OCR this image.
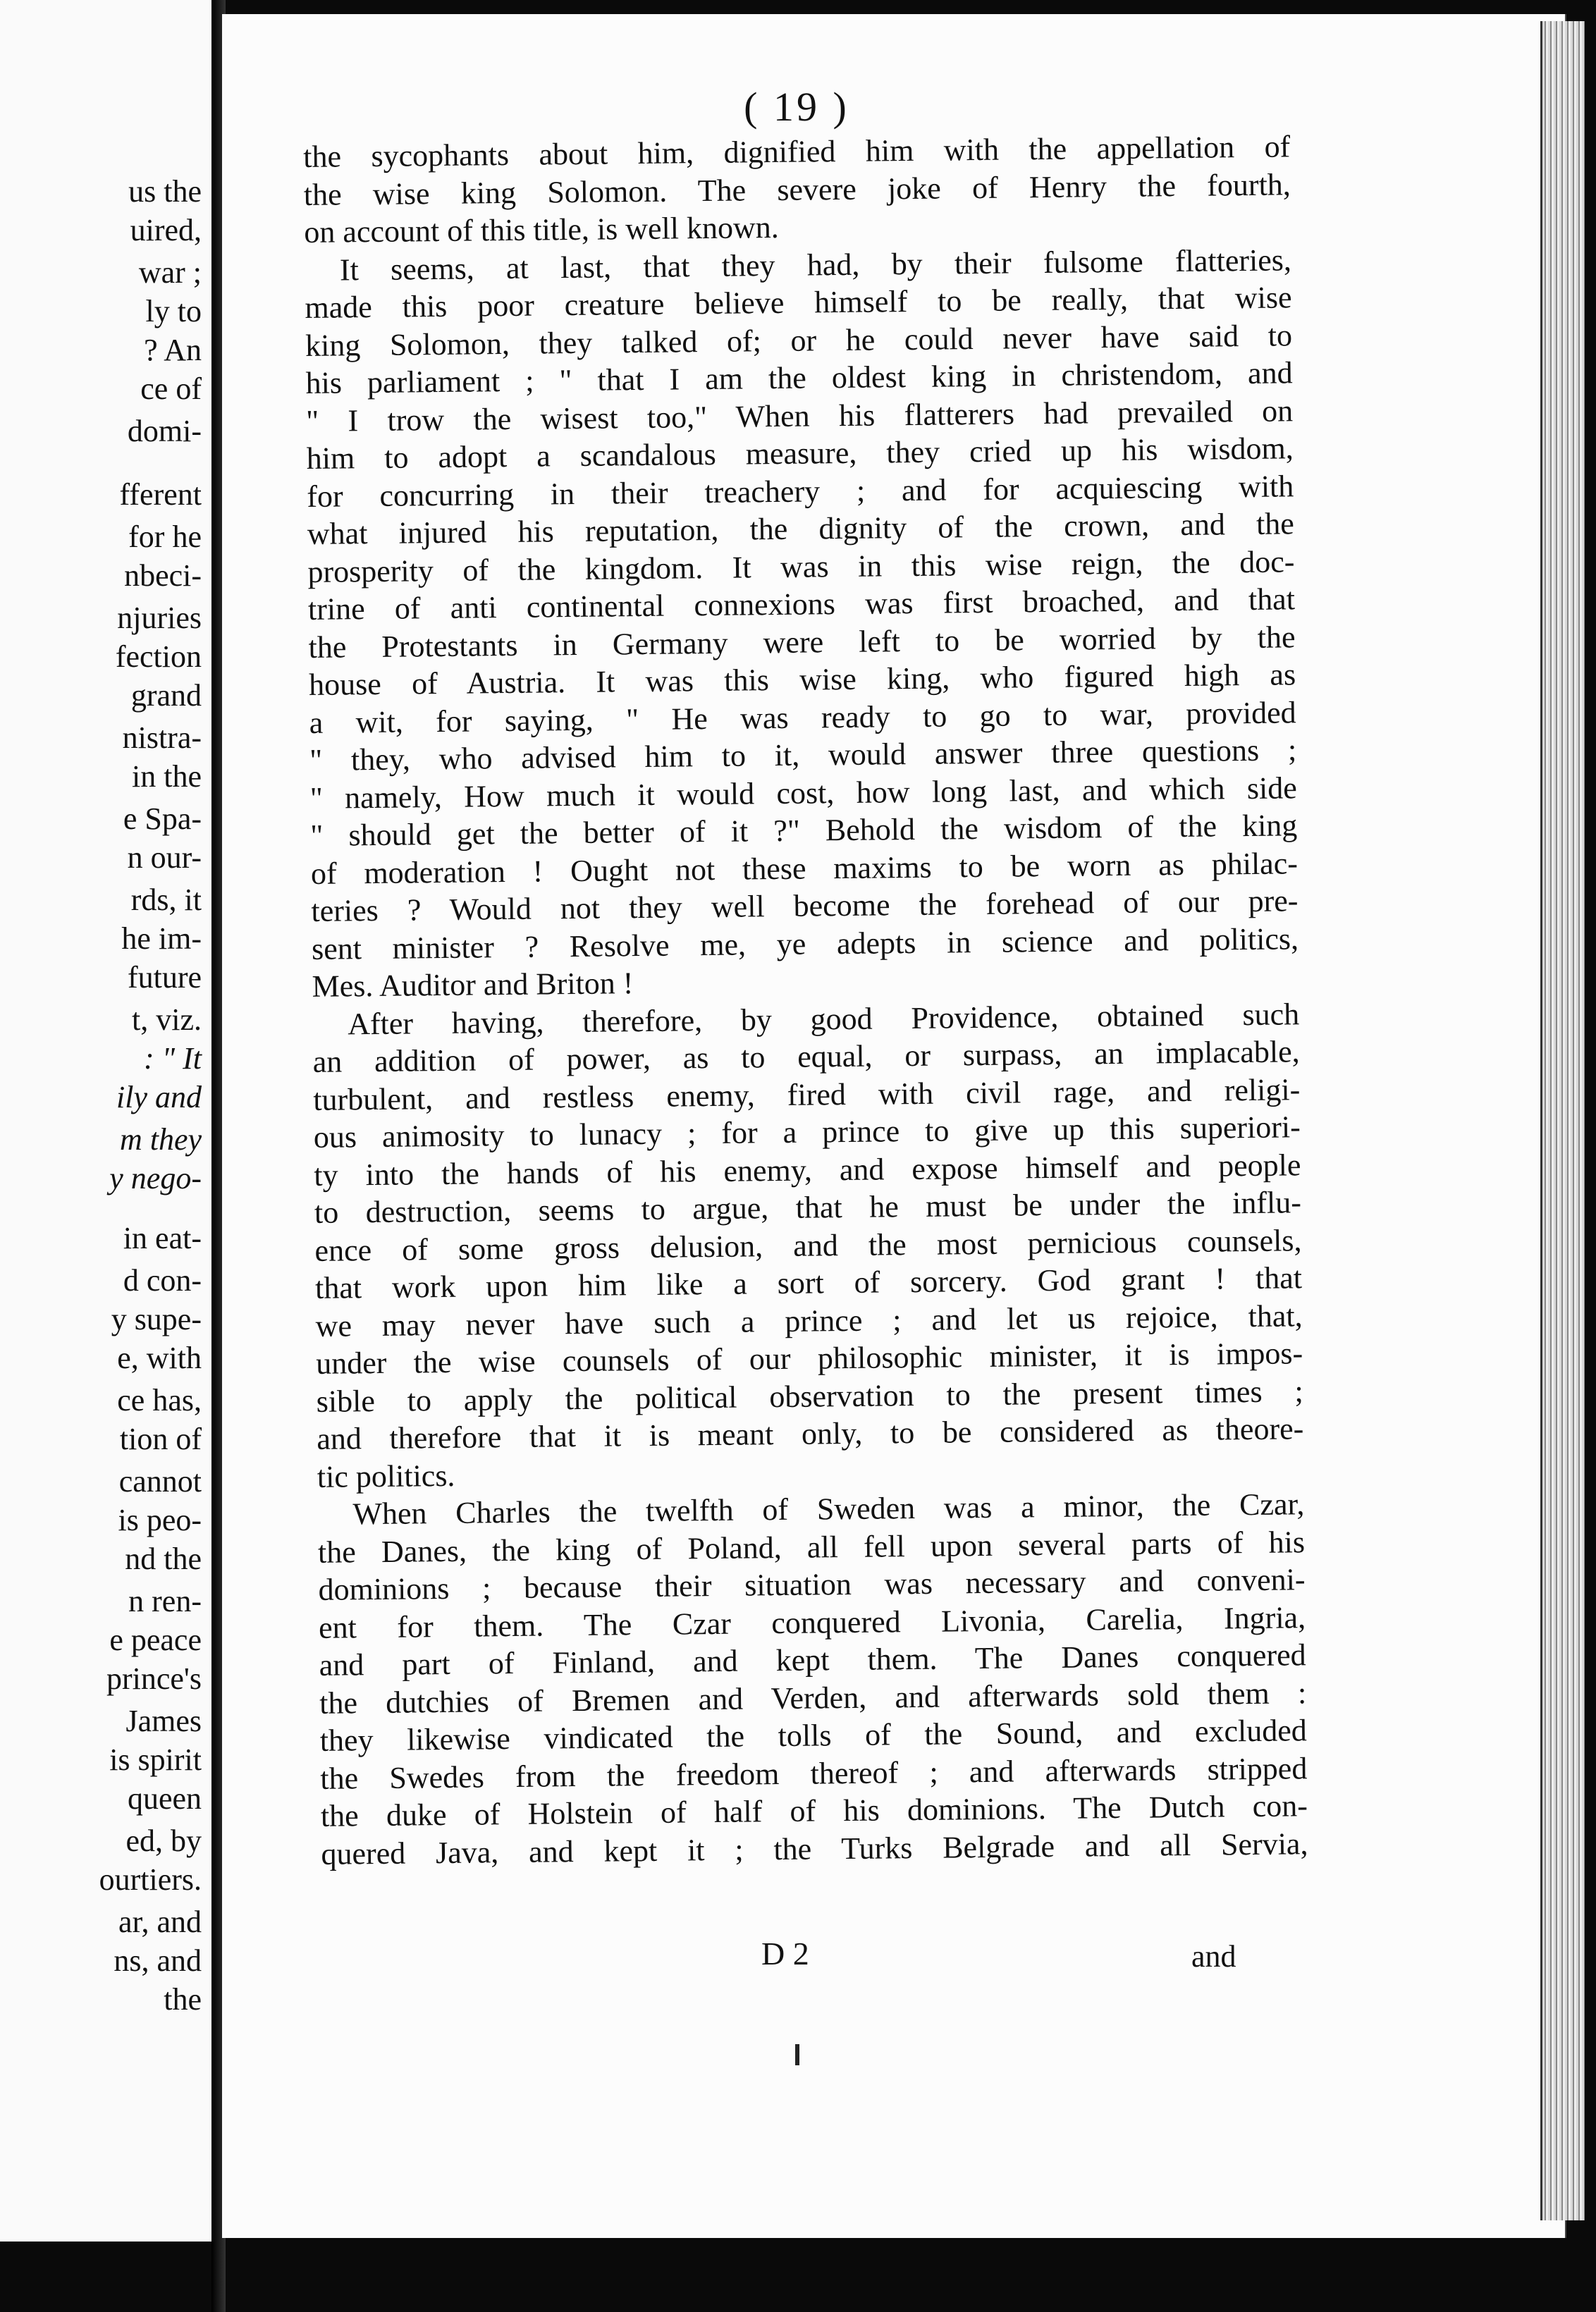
us the
uired,
war ;
ly to
? An
ce of
domi-
fferent
for he
nbeci-
njuries
fection
grand
nistra-
in the
e Spa-
n our-
rds, it
he im-
future
t, viz.
: " It
ily and
m they
y nego-
in eat-
d con-
y supe-
e, with
ce has,
tion of
cannot
is peo-
nd the
n ren-
e peace
prince's
James
is spirit
queen
ed, by
ourtiers.
ar, and
ns, and
the
( 19 )
the sycophants about him, dignified him with the appellation of
the wise king Solomon. The severe joke of Henry the fourth,
on account of this title, is well known.
It seems, at last, that they had, by their fulsome flatteries,
made this poor creature believe himself to be really, that wise
king Solomon, they talked of; or he could never have said to
his parliament ; " that I am the oldest king in christendom, and
" I trow the wisest too," When his flatterers had prevailed on
him to adopt a scandalous measure, they cried up his wisdom,
for concurring in their treachery ; and for acquiescing with
what injured his reputation, the dignity of the crown, and the
prosperity of the kingdom. It was in this wise reign, the doc-
trine of anti continental connexions was first broached, and that
the Protestants in Germany were left to be worried by the
house of Austria. It was this wise king, who figured high as
a wit, for saying, " He was ready to go to war, provided
" they, who advised him to it, would answer three questions ;
" namely, How much it would cost, how long last, and which side
" should get the better of it ?" Behold the wisdom of the king
of moderation ! Ought not these maxims to be worn as philac-
teries ? Would not they well become the forehead of our pre-
sent minister ? Resolve me, ye adepts in science and politics,
Mes. Auditor and Briton !
After having, therefore, by good Providence, obtained such
an addition of power, as to equal, or surpass, an implacable,
turbulent, and restless enemy, fired with civil rage, and religi-
ous animosity to lunacy ; for a prince to give up this superiori-
ty into the hands of his enemy, and expose himself and people
to destruction, seems to argue, that he must be under the influ-
ence of some gross delusion, and the most pernicious counsels,
that work upon him like a sort of sorcery. God grant ! that
we may never have such a prince ; and let us rejoice, that,
under the wise counsels of our philosophic minister, it is impos-
sible to apply the political observation to the present times ;
and therefore that it is meant only, to be considered as theore-
tic politics.
When Charles the twelfth of Sweden was a minor, the Czar,
the Danes, the king of Poland, all fell upon several parts of his
dominions ; because their situation was necessary and conveni-
ent for them. The Czar conquered Livonia, Carelia, Ingria,
and part of Finland, and kept them. The Danes conquered
the dutchies of Bremen and Verden, and afterwards sold them :
they likewise vindicated the tolls of the Sound, and excluded
the Swedes from the freedom thereof ; and afterwards stripped
the duke of Holstein of half of his dominions. The Dutch con-
quered Java, and kept it ; the Turks Belgrade and all Servia,
D 2	and
